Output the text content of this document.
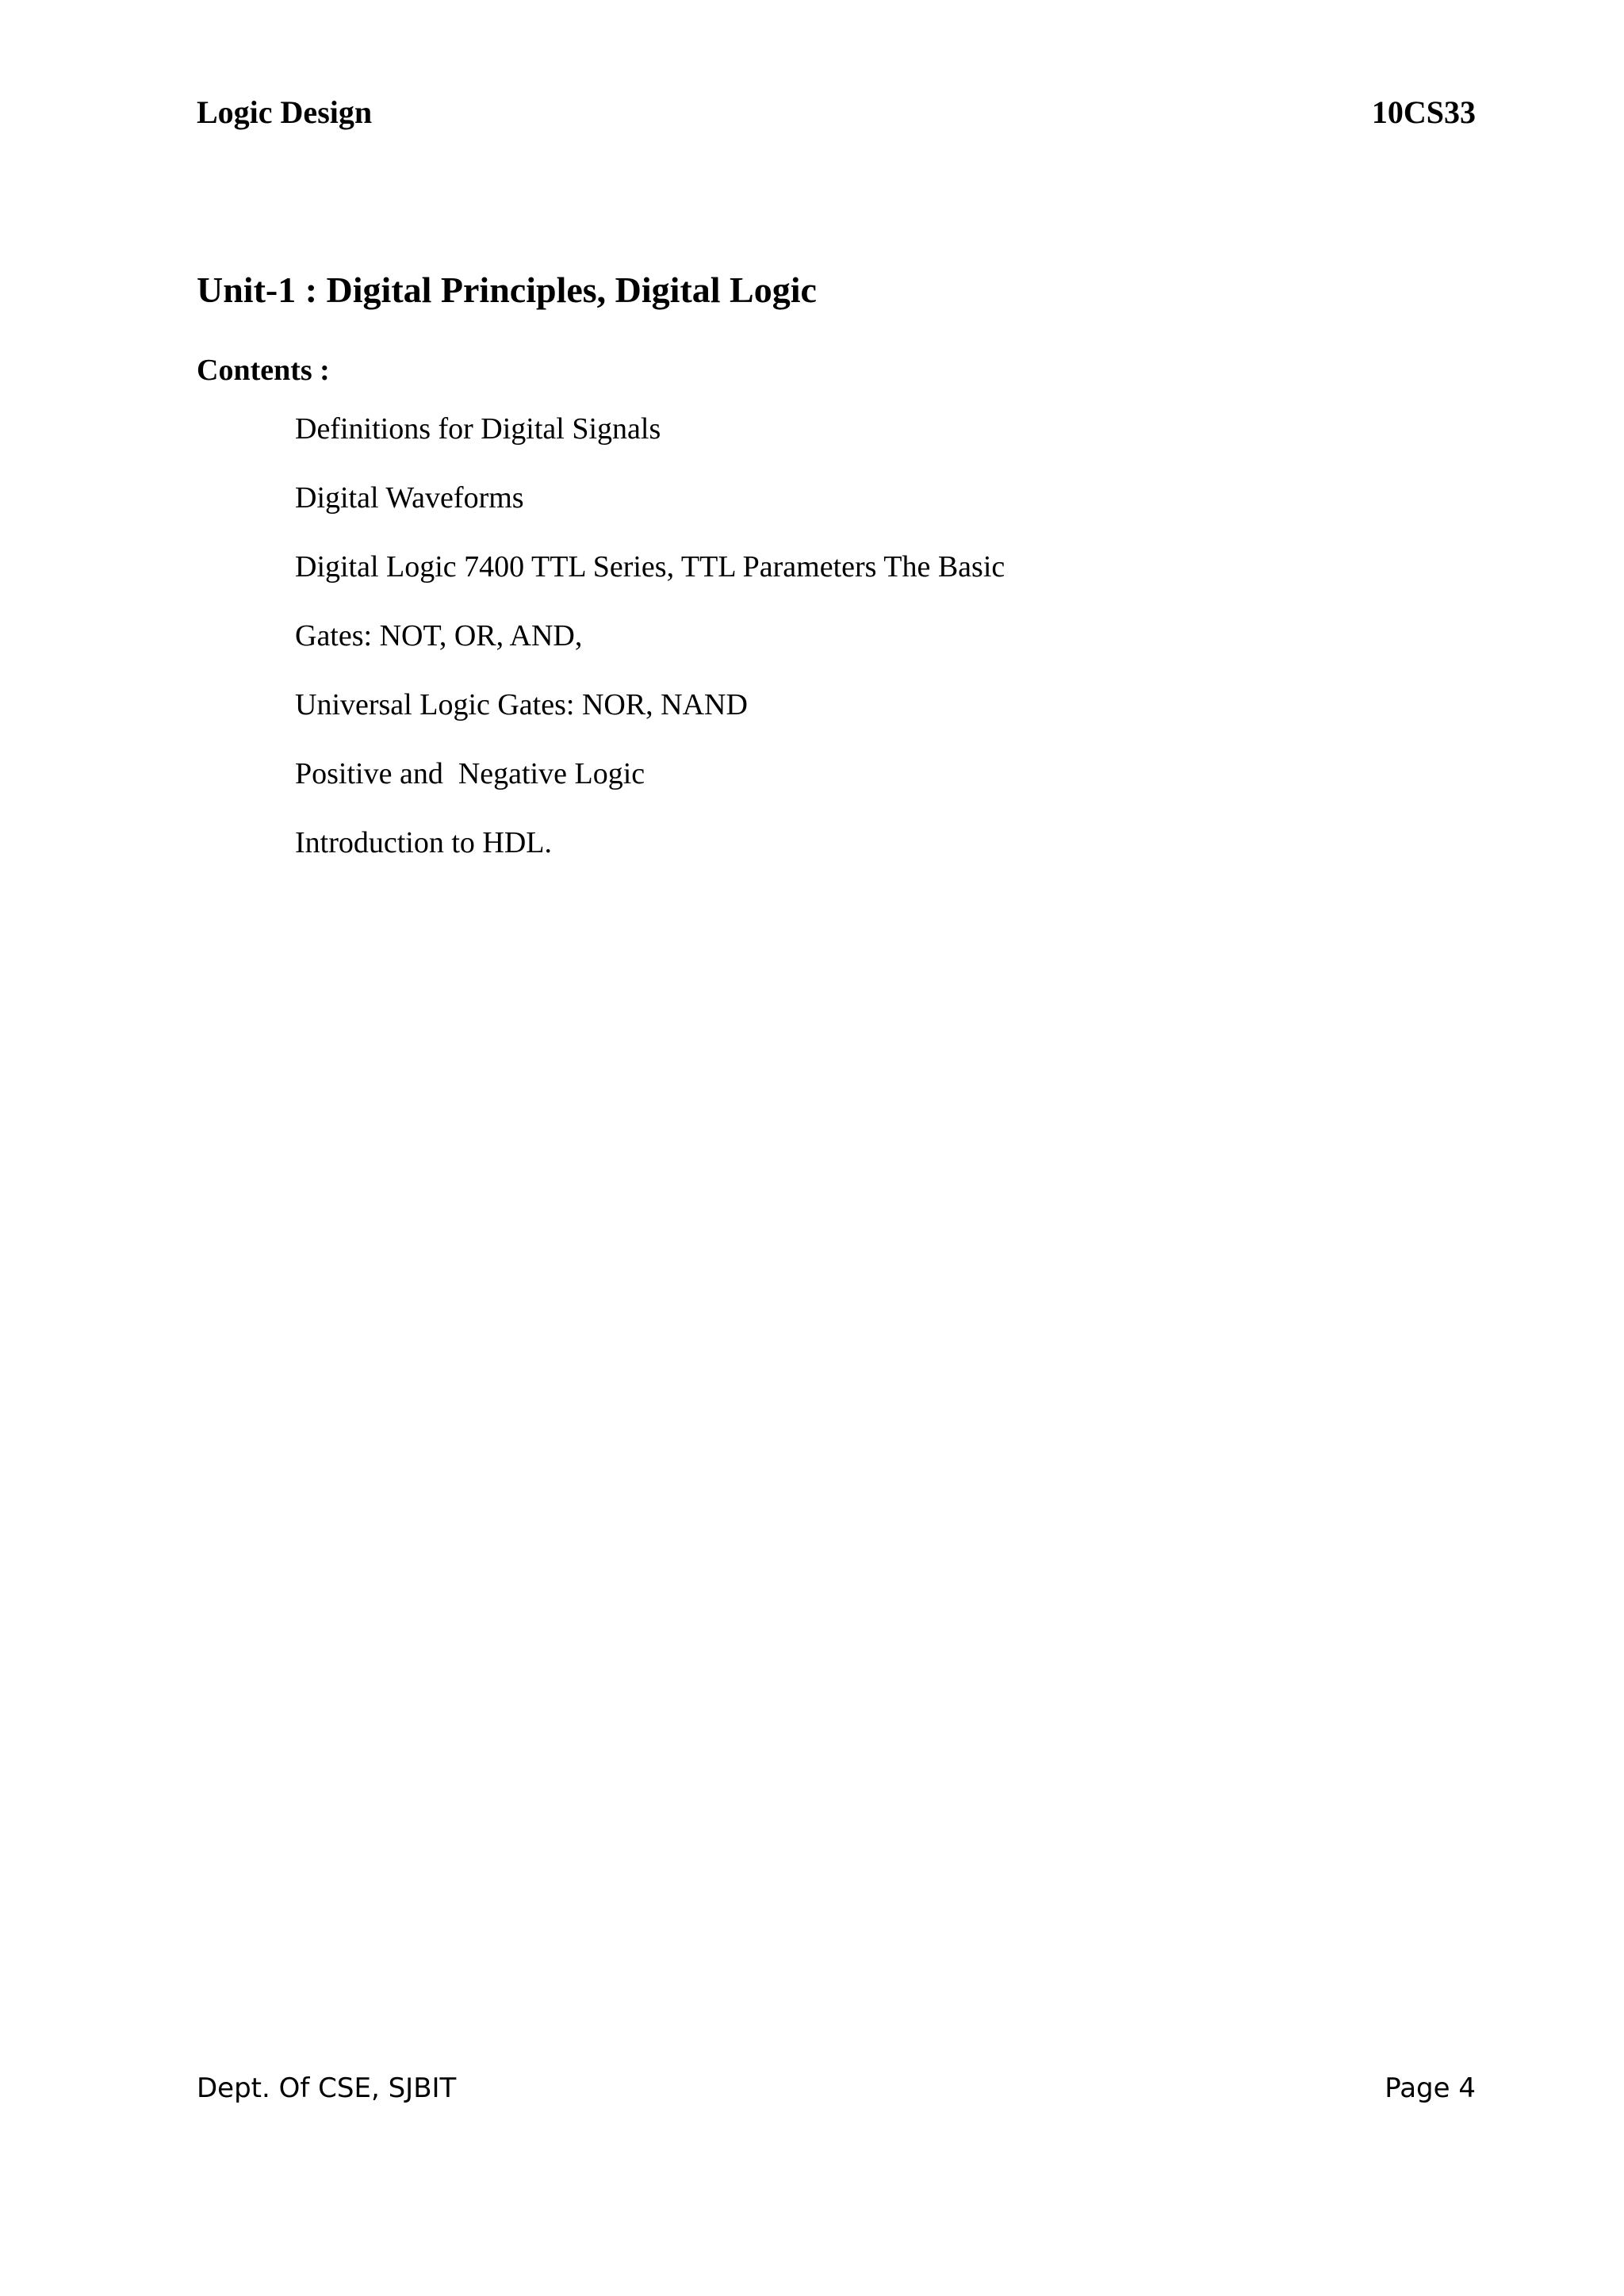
Logic Design	10CS33
Unit-1 : Digital Principles, Digital Logic
Contents :
Definitions for Digital Signals
Digital Waveforms
Digital Logic 7400 TTL Series, TTL Parameters The Basic
Gates: NOT, OR, AND,
Universal Logic Gates: NOR, NAND
Positive and  Negative Logic
Introduction to HDL.
Dept. Of CSE, SJBIT	Page 4
